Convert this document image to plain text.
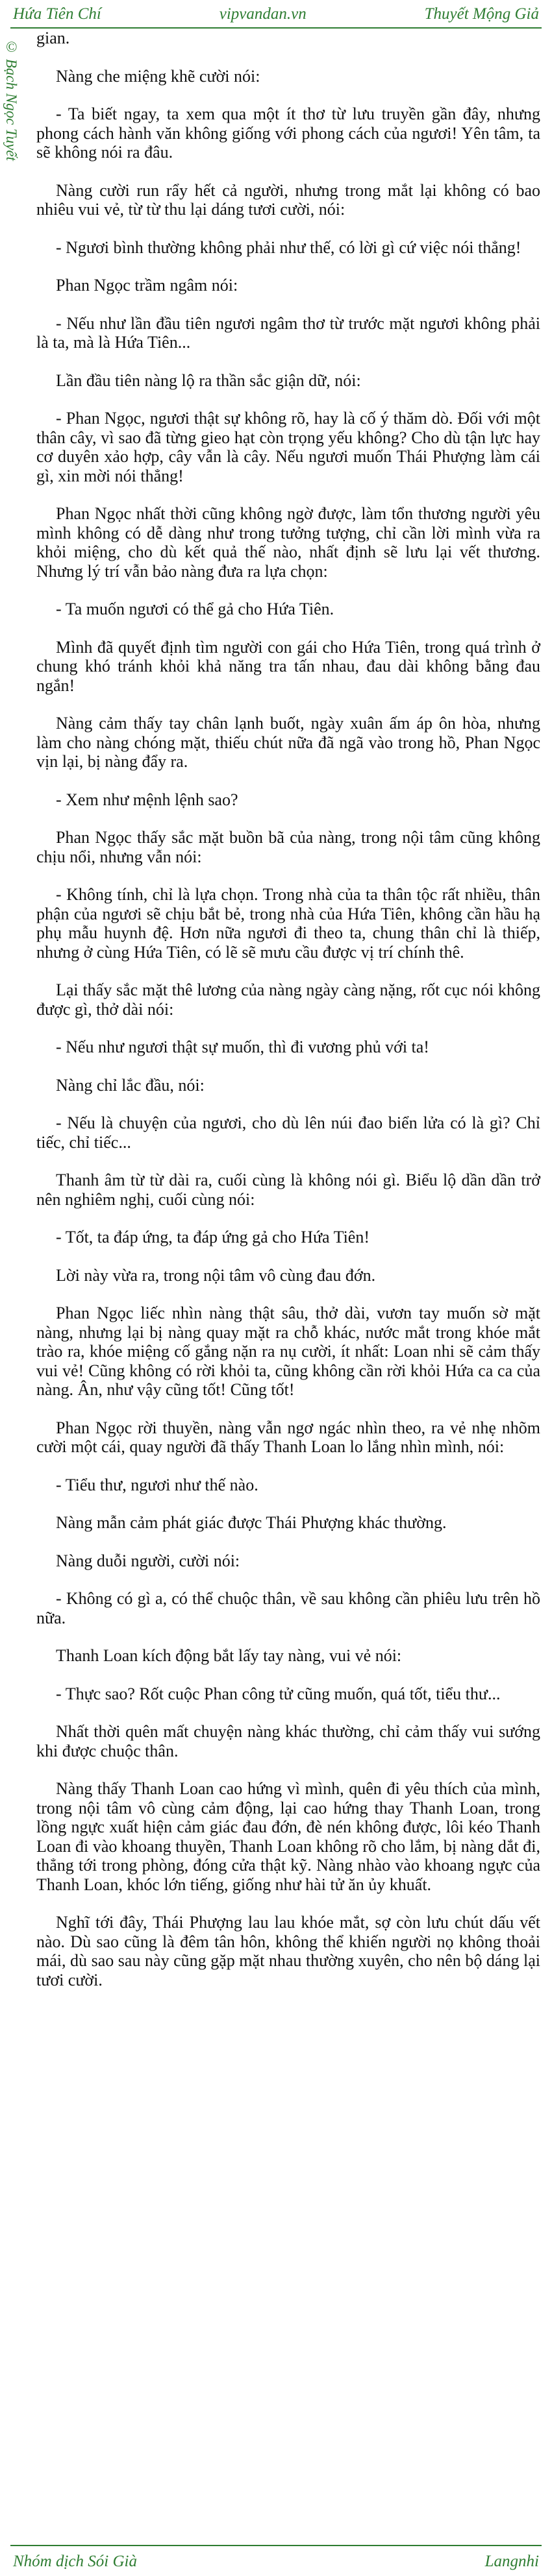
Hứa Tiên Chí	vipvandan.vn	Thuyết Mộng Giả
© Bạch Ngọc Tuyết

gian.

Nàng che miệng khẽ cười nói:

- Ta biết ngay, ta xem qua một ít thơ từ lưu truyền gần đây, nhưng phong cách hành văn không giống với phong cách của ngươi! Yên tâm, ta sẽ không nói ra đâu.

Nàng cười run rẩy hết cả người, nhưng trong mắt lại không có bao nhiêu vui vẻ, từ từ thu lại dáng tươi cười, nói:

- Ngươi bình thường không phải như thế, có lời gì cứ việc nói thẳng!

Phan Ngọc trầm ngâm nói:

- Nếu như lần đầu tiên ngươi ngâm thơ từ trước mặt ngươi không phải là ta, mà là Hứa Tiên...

Lần đầu tiên nàng lộ ra thần sắc giận dữ, nói:

- Phan Ngọc, ngươi thật sự không rõ, hay là cố ý thăm dò. Đối với một thân cây, vì sao đã từng gieo hạt còn trọng yếu không? Cho dù tận lực hay cơ duyên xảo hợp, cây vẫn là cây. Nếu ngươi muốn Thái Phượng làm cái gì, xin mời nói thẳng!

Phan Ngọc nhất thời cũng không ngờ được, làm tổn thương người yêu mình không có dễ dàng như trong tưởng tượng, chỉ cần lời mình vừa ra khỏi miệng, cho dù kết quả thế nào, nhất định sẽ lưu lại vết thương. Nhưng lý trí vẫn bảo nàng đưa ra lựa chọn:

- Ta muốn ngươi có thể gả cho Hứa Tiên.

Mình đã quyết định tìm người con gái cho Hứa Tiên, trong quá trình ở chung khó tránh khỏi khả năng tra tấn nhau, đau dài không bằng đau ngắn!

Nàng cảm thấy tay chân lạnh buốt, ngày xuân ấm áp ôn hòa, nhưng làm cho nàng chóng mặt, thiếu chút nữa đã ngã vào trong hồ, Phan Ngọc vịn lại, bị nàng đẩy ra.

- Xem như mệnh lệnh sao?

Phan Ngọc thấy sắc mặt buồn bã của nàng, trong nội tâm cũng không chịu nổi, nhưng vẫn nói:

- Không tính, chỉ là lựa chọn. Trong nhà của ta thân tộc rất nhiều, thân phận của ngươi sẽ chịu bắt bẻ, trong nhà của Hứa Tiên, không cần hầu hạ phụ mẫu huynh đệ. Hơn nữa ngươi đi theo ta, chung thân chỉ là thiếp, nhưng ở cùng Hứa Tiên, có lẽ sẽ mưu cầu được vị trí chính thê.

Lại thấy sắc mặt thê lương của nàng ngày càng nặng, rốt cục nói không được gì, thở dài nói:

- Nếu như ngươi thật sự muốn, thì đi vương phủ với ta!

Nàng chỉ lắc đầu, nói:

- Nếu là chuyện của ngươi, cho dù lên núi đao biển lửa có là gì? Chỉ tiếc, chỉ tiếc...

Thanh âm từ từ dài ra, cuối cùng là không nói gì. Biểu lộ dần dần trở nên nghiêm nghị, cuối cùng nói:

- Tốt, ta đáp ứng, ta đáp ứng gả cho Hứa Tiên!

Lời này vừa ra, trong nội tâm vô cùng đau đớn.

Phan Ngọc liếc nhìn nàng thật sâu, thở dài, vươn tay muốn sờ mặt nàng, nhưng lại bị nàng quay mặt ra chỗ khác, nước mắt trong khóe mắt trào ra, khóe miệng cố gắng nặn ra nụ cười, ít nhất: Loan nhi sẽ cảm thấy vui vẻ! Cũng không có rời khỏi ta, cũng không cần rời khỏi Hứa ca ca của nàng. Ân, như vậy cũng tốt! Cũng tốt!

Phan Ngọc rời thuyền, nàng vẫn ngơ ngác nhìn theo, ra vẻ nhẹ nhõm cười một cái, quay người đã thấy Thanh Loan lo lắng nhìn mình, nói:

- Tiểu thư, ngươi như thế nào.

Nàng mẫn cảm phát giác được Thái Phượng khác thường.

Nàng duỗi người, cười nói:

- Không có gì a, có thể chuộc thân, về sau không cần phiêu lưu trên hồ nữa.

Thanh Loan kích động bắt lấy tay nàng, vui vẻ nói:

- Thực sao? Rốt cuộc Phan công tử cũng muốn, quá tốt, tiểu thư...

Nhất thời quên mất chuyện nàng khác thường, chỉ cảm thấy vui sướng khi được chuộc thân.

Nàng thấy Thanh Loan cao hứng vì mình, quên đi yêu thích của mình, trong nội tâm vô cùng cảm động, lại cao hứng thay Thanh Loan, trong lồng ngực xuất hiện cảm giác đau đớn, đè nén không được, lôi kéo Thanh Loan đi vào khoang thuyền, Thanh Loan không rõ cho lắm, bị nàng dắt đi, thẳng tới trong phòng, đóng cửa thật kỹ. Nàng nhào vào khoang ngực của Thanh Loan, khóc lớn tiếng, giống như hài tử ăn ủy khuất.

Nghĩ tới đây, Thái Phượng lau lau khóe mắt, sợ còn lưu chút dấu vết nào. Dù sao cũng là đêm tân hôn, không thể khiến người nọ không thoải mái, dù sao sau này cũng gặp mặt nhau thường xuyên, cho nên bộ dáng lại tươi cười.

Nhóm dịch Sói Già	Langnhi
